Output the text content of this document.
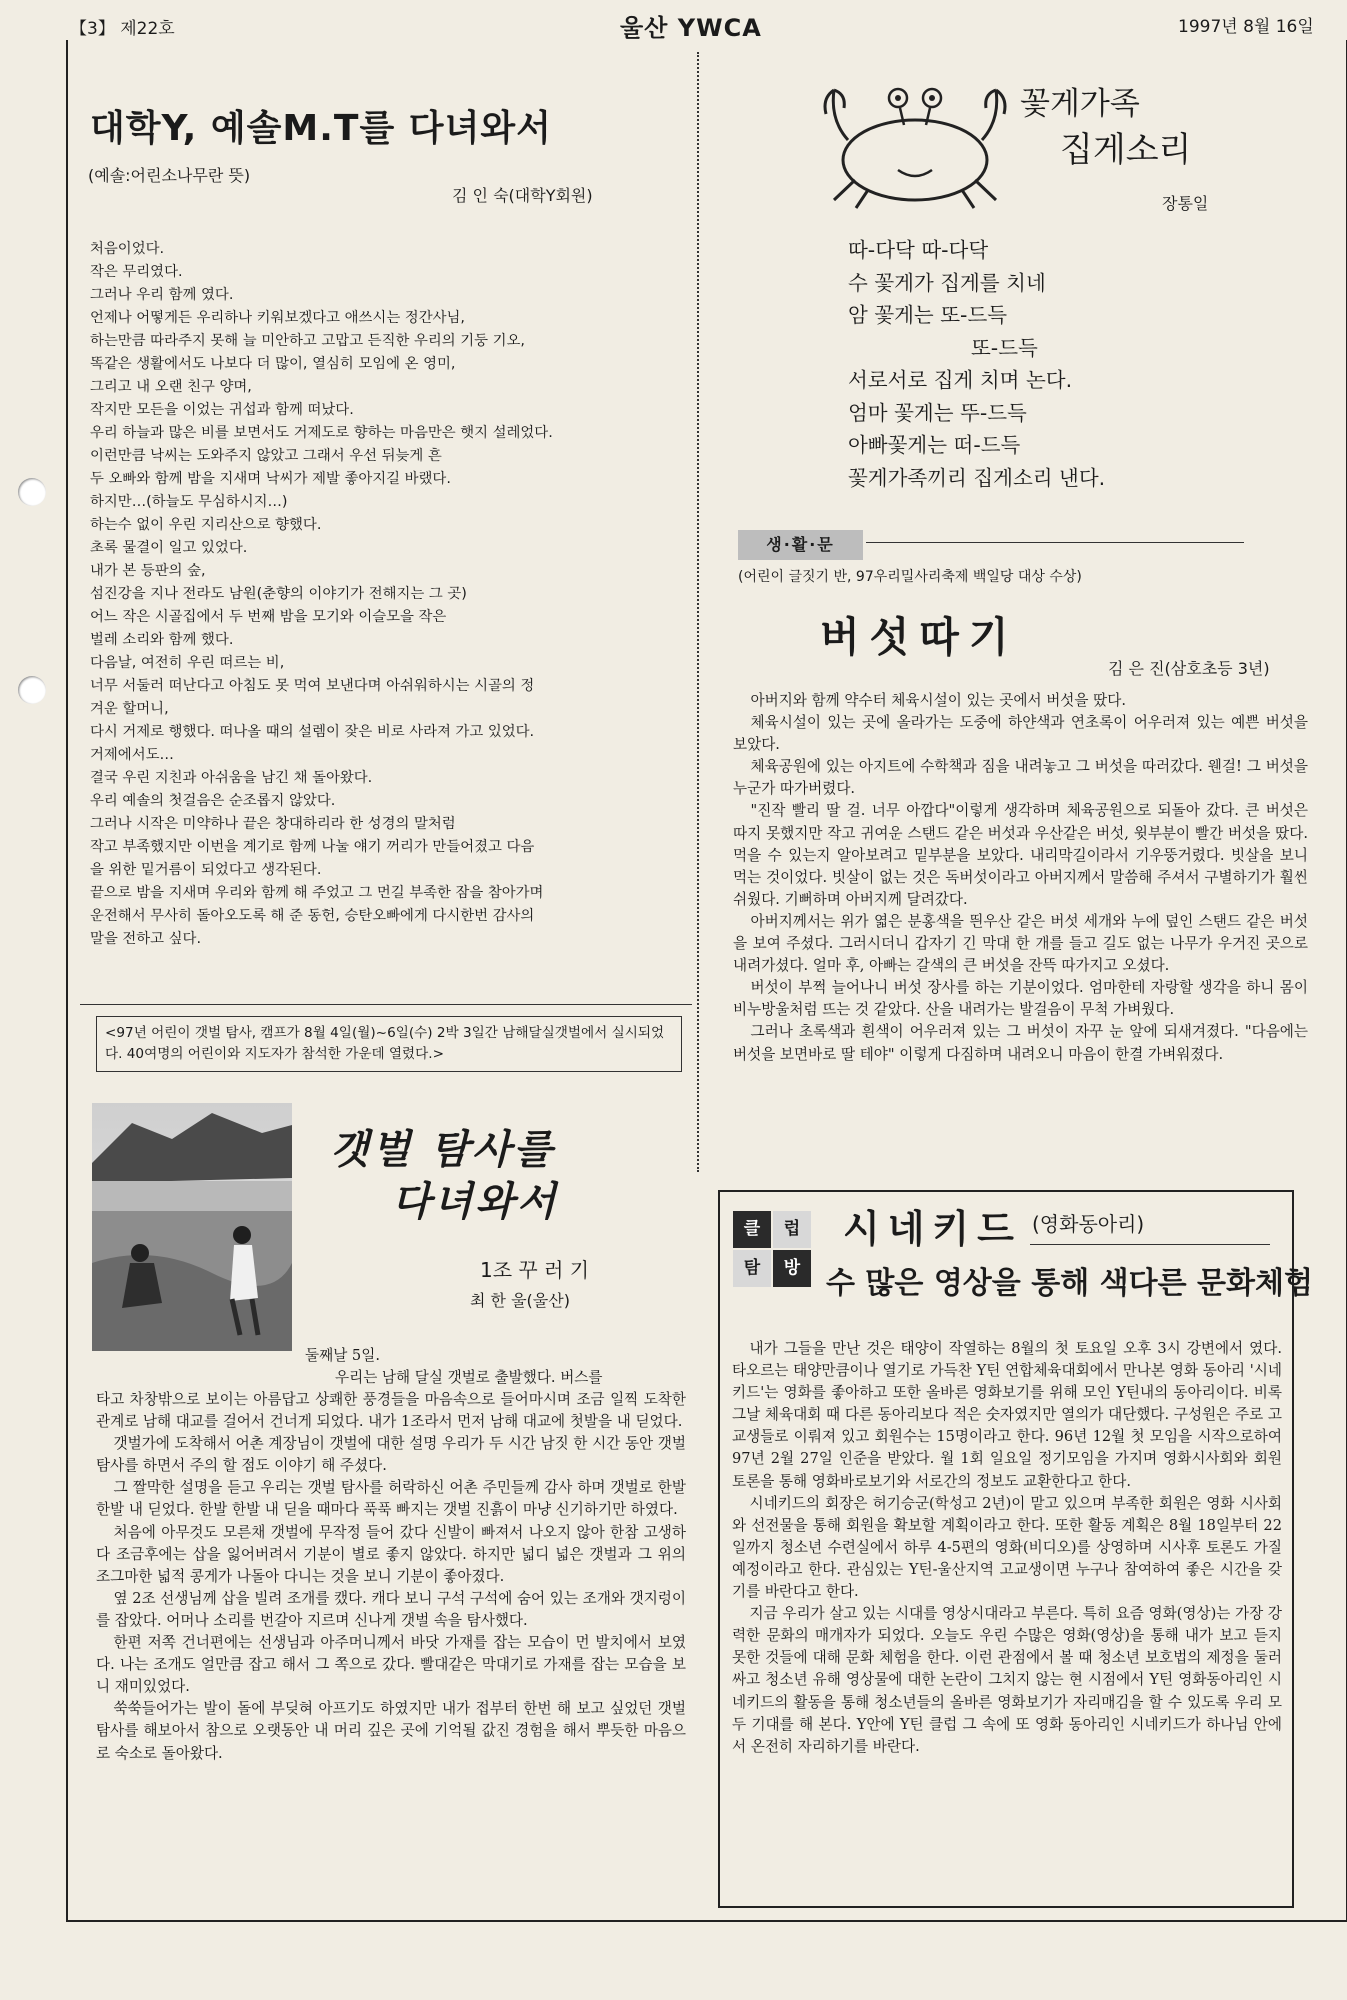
【3】 제22호	울산 YWCA	1997년 8월 16일
대학Y, 예솔M.T를 다녀와서
(예솔:어린소나무란 뜻)
김 인 숙(대학Y회원)

처음이었다.

작은 무리였다.

그러나 우리 함께 였다.

언제나 어떻게든 우리하나 키워보겠다고 애쓰시는 정간사님,

하는만큼 따라주지 못해 늘 미안하고 고맙고 든직한 우리의 기둥 기오,

똑같은 생활에서도 나보다 더 많이, 열심히 모임에 온 영미,

그리고 내 오랜 친구 양며,

작지만 모든을 이었는 귀섭과 함께 떠났다.

우리 하늘과 많은 비를 보면서도 거제도로 향하는 마음만은 햇지 설레었다.

이런만큼 낙씨는 도와주지 않았고 그래서 우선 뒤늦게 흔

두 오빠와 함께 밤을 지새며 낙씨가 제발 좋아지길 바랬다.

하지만…(하늘도 무심하시지…)

하는수 없이 우린 지리산으로 향했다.

초록 물결이 일고 있었다.

내가 본 등판의 숲,

섬진강을 지나 전라도 남원(춘향의 이야기가 전해지는 그 곳)

어느 작은 시골집에서 두 번째 밤을 모기와 이슬모을 작은

벌레 소리와 함께 했다.

다음날, 여전히 우린 떠르는 비,

너무 서둘러 떠난다고 아침도 못 먹여 보낸다며 아쉬워하시는 시골의 정

겨운 할머니,

다시 거제로 행했다. 떠나올 때의 설렘이 잦은 비로 사라져 가고 있었다.

거제에서도…

결국 우린 지친과 아쉬움을 남긴 채 돌아왔다.

우리 예솔의 첫걸음은 순조롭지 않았다.

그러나 시작은 미약하나 끝은 창대하리라 한 성경의 말처럼

작고 부족했지만 이번을 계기로 함께 나눌 얘기 꺼리가 만들어졌고 다음

을 위한 밑거름이 되었다고 생각된다.

끝으로 밤을 지새며 우리와 함께 해 주었고 그 먼길 부족한 잠을 참아가며

운전해서 무사히 돌아오도록 해 준 동헌, 승탄오빠에게 다시한번 감사의

말을 전하고 싶다.

<97년 어린이 갯벌 탐사, 캠프가 8월 4일(월)~6일(수) 2박 3일간 남해달실갯벌에서 실시되었다. 40여명의 어린이와 지도자가 참석한 가운데 열렸다.>
갯벌 탐사를
다녀와서
1조 꾸 러 기
최 한 울(울산)
둘째날 5일.
우리는 남해 달실 갯벌로 출발했다. 버스를

타고 차창밖으로 보이는 아름답고 상쾌한 풍경들을 마음속으로 들어마시며 조금 일찍 도착한 관계로 남해 대교를 걸어서 건너게 되었다. 내가 1조라서 먼저 남해 대교에 첫발을 내 딛었다.

갯벌가에 도착해서 어촌 계장님이 갯벌에 대한 설명 우리가 두 시간 남짓 한 시간 동안 갯벌 탐사를 하면서 주의 할 점도 이야기 해 주셨다.

그 짤막한 설명을 듣고 우리는 갯벌 탐사를 허락하신 어촌 주민들께 감사 하며 갯벌로 한발 한발 내 딛었다. 한발 한발 내 딛을 때마다 푹푹 빠지는 갯벌 진흙이 마냥 신기하기만 하였다.

처음에 아무것도 모른채 갯벌에 무작정 들어 갔다 신발이 빠져서 나오지 않아 한참 고생하다 조금후에는 삽을 잃어버려서 기분이 별로 좋지 않았다. 하지만 넓디 넓은 갯벌과 그 위의 조그마한 넓적 콩게가 나돌아 다니는 것을 보니 기분이 좋아졌다.

옆 2조 선생님께 삽을 빌려 조개를 캤다. 캐다 보니 구석 구석에 숨어 있는 조개와 갯지렁이를 잡았다. 어머나 소리를 번갈아 지르며 신나게 갯벌 속을 탐사했다.

한편 저쪽 건너편에는 선생님과 아주머니께서 바닷 가재를 잡는 모습이 먼 발치에서 보였다. 나는 조개도 얼만큼 잡고 해서 그 쪽으로 갔다. 빨대같은 막대기로 가재를 잡는 모습을 보니 재미있었다.

쑥쑥들어가는 발이 돌에 부딪혀 아프기도 하였지만 내가 접부터 한번 해 보고 싶었던 갯벌 탐사를 해보아서 참으로 오랫동안 내 머리 깊은 곳에 기억될 값진 경험을 해서 뿌듯한 마음으로 숙소로 돌아왔다.

꽃게가족
집게소리
장통일

따-다닥 따-다닥

수 꽃게가 집게를 치네

암 꽃게는 또-드득

또-드득

서로서로 집게 치며 논다.

엄마 꽃게는 뚜-드득

아빠꽃게는 떠-드득

꽃게가족끼리 집게소리 낸다.

생·활·문
(어린이 글짓기 반, 97우리밀사리축제 백일당 대상 수상)
버섯따기
김 은 진(삼호초등 3년)

아버지와 함께 약수터 체육시설이 있는 곳에서 버섯을 땄다.

체육시설이 있는 곳에 올라가는 도중에 하얀색과 연초록이 어우러져 있는 예쁜 버섯을 보았다.

체육공원에 있는 아지트에 수학책과 짐을 내려놓고 그 버섯을 따러갔다. 웬걸! 그 버섯을 누군가 따가버렸다.

"진작 빨리 딸 걸. 너무 아깝다"이렇게 생각하며 체육공원으로 되돌아 갔다. 큰 버섯은 따지 못했지만 작고 귀여운 스탠드 같은 버섯과 우산같은 버섯, 윗부분이 빨간 버섯을 땄다. 먹을 수 있는지 알아보려고 밑부분을 보았다. 내리막길이라서 기우뚱거렸다. 빗살을 보니 먹는 것이었다. 빗살이 없는 것은 독버섯이라고 아버지께서 말씀해 주셔서 구별하기가 훨씬 쉬웠다. 기뻐하며 아버지께 달려갔다.

아버지께서는 위가 엷은 분홍색을 띈우산 같은 버섯 세개와 누에 덮인 스탠드 같은 버섯을 보여 주셨다. 그러시더니 갑자기 긴 막대 한 개를 들고 길도 없는 나무가 우거진 곳으로 내려가셨다. 얼마 후, 아빠는 갈색의 큰 버섯을 잔뜩 따가지고 오셨다.

버섯이 부쩍 늘어나니 버섯 장사를 하는 기분이었다. 엄마한테 자랑할 생각을 하니 몸이 비누방울처럼 뜨는 것 같았다. 산을 내려가는 발걸음이 무척 가벼웠다.

그러나 초록색과 흰색이 어우러져 있는 그 버섯이 자꾸 눈 앞에 되새겨졌다. "다음에는 버섯을 보면바로 딸 테야" 이렇게 다짐하며 내려오니 마음이 한결 가벼워졌다.

클	럽
탐	방
시네키드 (영화동아리)
수 많은 영상을 통해 색다른 문화체험

내가 그들을 만난 것은 태양이 작열하는 8월의 첫 토요일 오후 3시 강변에서 였다. 타오르는 태양만큼이나 열기로 가득찬 Y틴 연합체육대회에서 만나본 영화 동아리 '시네키드'는 영화를 좋아하고 또한 올바른 영화보기를 위해 모인 Y틴내의 동아리이다. 비록 그날 체육대회 때 다른 동아리보다 적은 숫자였지만 열의가 대단했다. 구성원은 주로 고교생들로 이뤄져 있고 회원수는 15명이라고 한다. 96년 12월 첫 모임을 시작으로하여 97년 2월 27일 인준을 받았다. 월 1회 일요일 정기모임을 가지며 영화시사회와 회원 토론을 통해 영화바로보기와 서로간의 정보도 교환한다고 한다.

시네키드의 회장은 허기승군(학성고 2년)이 맡고 있으며 부족한 회원은 영화 시사회와 선전물을 통해 회원을 확보할 계획이라고 한다. 또한 활동 계획은 8월 18일부터 22일까지 청소년 수련실에서 하루 4-5편의 영화(비디오)를 상영하며 시사후 토론도 가질 예정이라고 한다. 관심있는 Y틴-울산지역 고교생이면 누구나 참여하여 좋은 시간을 갖기를 바란다고 한다.

지금 우리가 살고 있는 시대를 영상시대라고 부른다. 특히 요즘 영화(영상)는 가장 강력한 문화의 매개자가 되었다. 오늘도 우린 수많은 영화(영상)을 통해 내가 보고 듣지 못한 것들에 대해 문화 체험을 한다. 이런 관점에서 볼 때 청소년 보호법의 제정을 둘러싸고 청소년 유해 영상물에 대한 논란이 그치지 않는 현 시점에서 Y틴 영화동아리인 시네키드의 활동을 통해 청소년들의 올바른 영화보기가 자리매김을 할 수 있도록 우리 모두 기대를 해 본다. Y안에 Y틴 클럽 그 속에 또 영화 동아리인 시네키드가 하나님 안에서 온전히 자리하기를 바란다.
